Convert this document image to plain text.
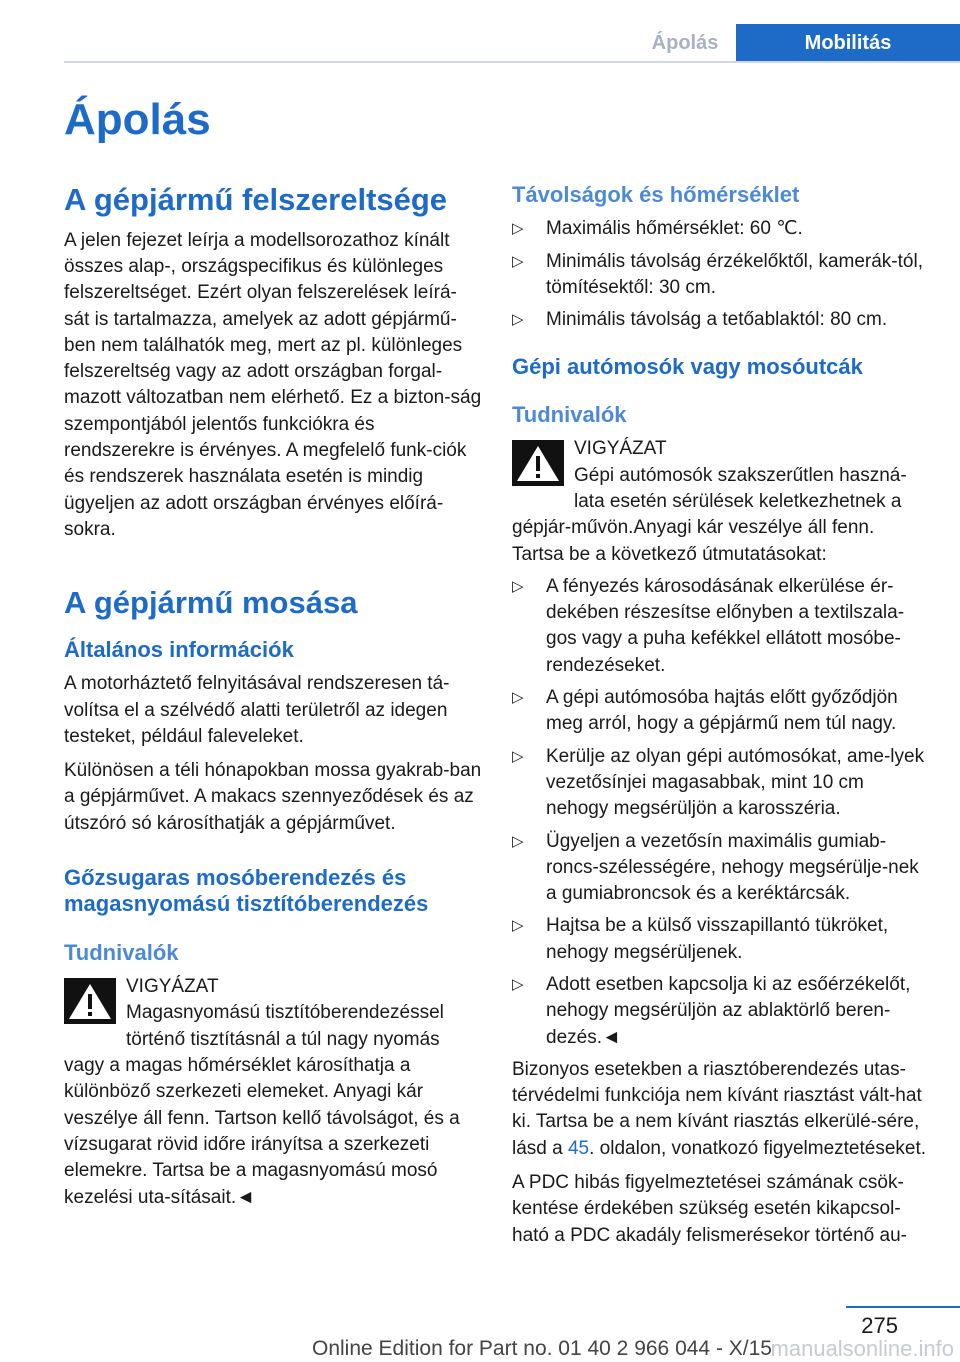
Ápolás	Mobilitás
Ápolás
A gépjármű felszereltsége

A jelen fejezet leírja a modellsorozathoz kínált összes alap-, országspecifikus és különleges felszereltséget. Ezért olyan felszerelések leírá-sát is tartalmazza, amelyek az adott gépjármű-ben nem találhatók meg, mert az pl. különleges felszereltség vagy az adott országban forgal-mazott változatban nem elérhető. Ez a bizton-ság szempontjából jelentős funkciókra és rendszerekre is érvényes. A megfelelő funk-ciók és rendszerek használata esetén is mindig ügyeljen az adott országban érvényes előírá-sokra.

A gépjármű mosása
Általános információk

A motorháztető felnyitásával rendszeresen tá-volítsa el a szélvédő alatti területről az idegen testeket, például faleveleket.

Különösen a téli hónapokban mossa gyakrab-ban a gépjárművet. A makacs szennyeződések és az útszóró só károsíthatják a gépjárművet.

Gőzsugaras mosóberendezés és magasnyomású tisztítóberendezés
Tudnivalók

VIGYÁZAT

Magasnyomású tisztítóberendezéssel történő tisztításnál a túl nagy nyomás vagy a magas hőmérséklet károsíthatja a különböző szerkezeti elemeket. Anyagi kár veszélye áll fenn. Tartson kellő távolságot, és a vízsugarat rövid időre irányítsa a szerkezeti elemekre. Tartsa be a magasnyomású mosó kezelési uta-sításait.◄

Távolságok és hőmérséklet
▷ Maximális hőmérséklet: 60 ℃.
▷ Minimális távolság érzékelőktől, kamerák-tól, tömítésektől: 30 cm.
▷ Minimális távolság a tetőablaktól: 80 cm.
Gépi autómosók vagy mosóutcák
Tudnivalók

VIGYÁZAT

Gépi autómosók szakszerűtlen haszná-lata esetén sérülések keletkezhetnek a gépjár-művön.Anyagi kár veszélye áll fenn. Tartsa be a következő útmutatásokat:

▷ A fényezés károsodásának elkerülése ér-dekében részesítse előnyben a textilszala-gos vagy a puha kefékkel ellátott mosóbe-rendezéseket.
▷ A gépi autómosóba hajtás előtt győződjön meg arról, hogy a gépjármű nem túl nagy.
▷ Kerülje az olyan gépi autómosókat, ame-lyek vezetősínjei magasabbak, mint 10 cm nehogy megsérüljön a karosszéria.
▷ Ügyeljen a vezetősín maximális gumiab-roncs-szélességére, nehogy megsérülje-nek a gumiabroncsok és a keréktárcsák.
▷ Hajtsa be a külső visszapillantó tükröket, nehogy megsérüljenek.
▷ Adott esetben kapcsolja ki az esőérzékelőt, nehogy megsérüljön az ablaktörlő beren-dezés.◄

Bizonyos esetekben a riasztóberendezés utas-térvédelmi funkciója nem kívánt riasztást vált-hat ki. Tartsa be a nem kívánt riasztás elkerülé-sére, lásd a 45. oldalon, vonatkozó figyelmeztetéseket.

A PDC hibás figyelmeztetései számának csök-kentése érdekében szükség esetén kikapcsol-ható a PDC akadály felismerésekor történő au-

275
Online Edition for Part no. 01 40 2 966 044 - X/15
manualsonline.info
